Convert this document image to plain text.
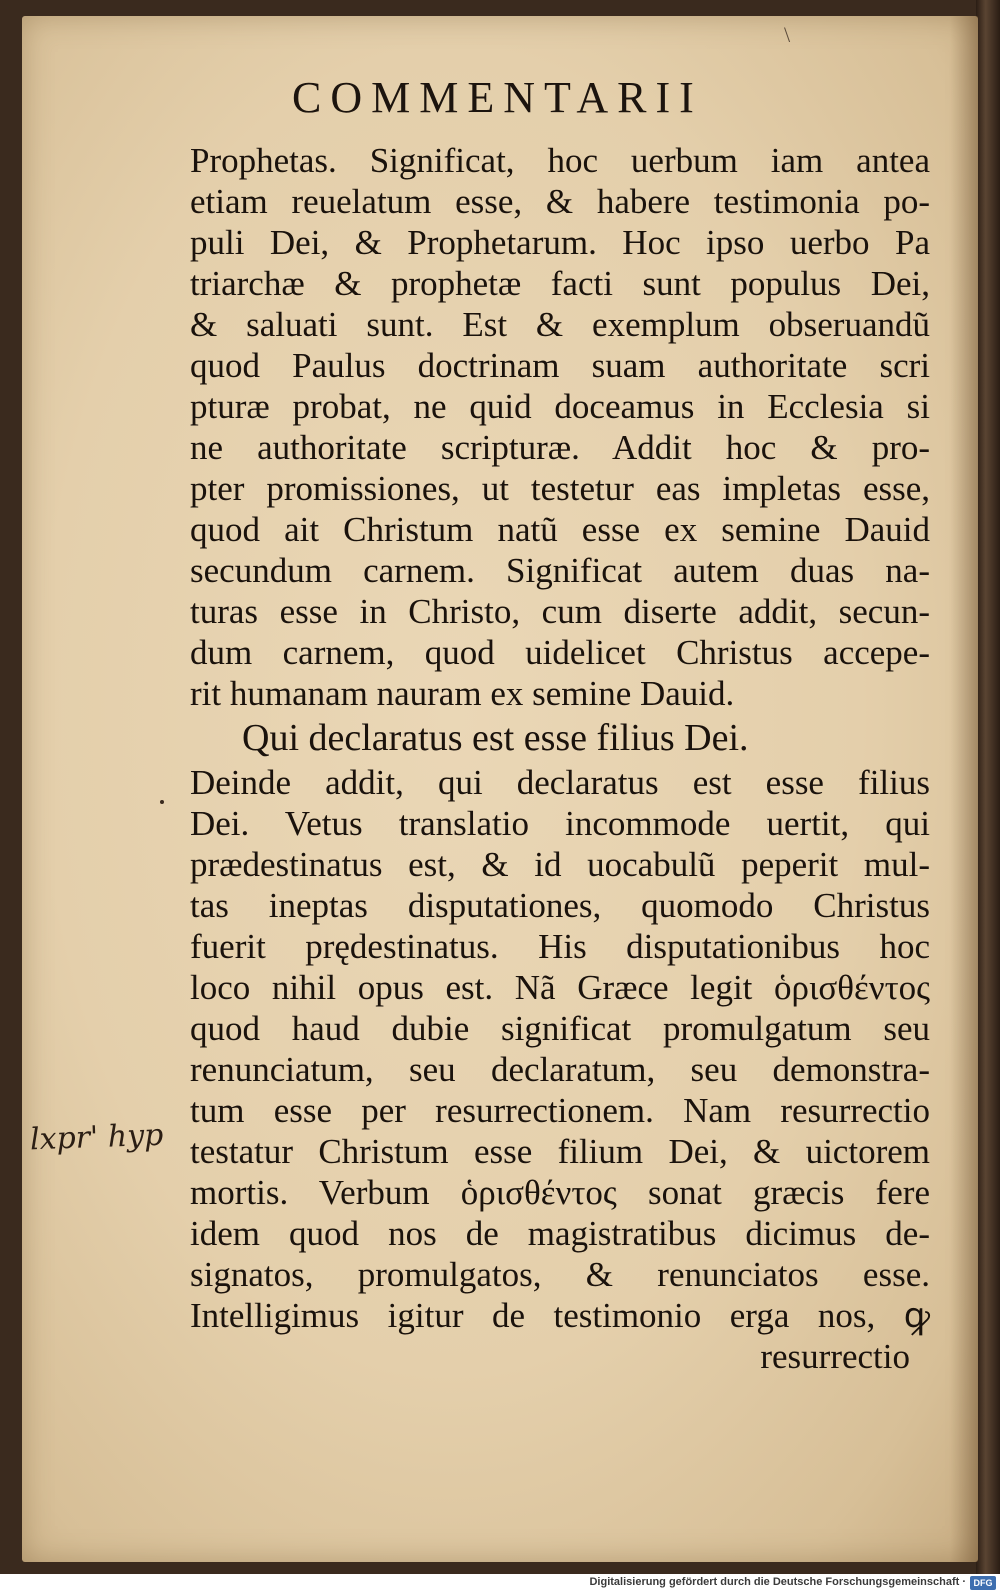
\
COMMENTARII
Prophetas. Significat, hoc uerbum iam antea
etiam reuelatum esse, & habere testimonia po-
puli Dei, & Prophetarum. Hoc ipso uerbo Pa
triarchæ & prophetæ facti sunt populus Dei,
& saluati sunt. Est & exemplum obseruandũ
quod Paulus doctrinam suam authoritate scri
pturæ probat, ne quid doceamus in Ecclesia si
ne authoritate scripturæ. Addit hoc & pro-
pter promissiones, ut testetur eas impletas esse,
quod ait Christum natũ esse ex semine Dauid
secundum carnem. Significat autem duas na-
turas esse in Christo, cum diserte addit, secun-
dum carnem, quod uidelicet Christus accepe-
rit humanam nauram ex semine Dauid.
Qui declaratus est esse filius Dei.
Deinde addit, qui declaratus est esse filius
Dei. Vetus translatio incommode uertit, qui
prædestinatus est, & id uocabulũ peperit mul-
tas ineptas disputationes, quomodo Christus
fuerit prędestinatus. His disputationibus hoc
loco nihil opus est. Nã Græce legit ὁρισθέντος
quod haud dubie significat promulgatum seu
renunciatum, seu declaratum, seu demonstra-
tum esse per resurrectionem. Nam resurrectio
testatur Christum esse filium Dei, & uictorem
mortis. Verbum ὁρισθέντος sonat græcis fere
idem quod nos de magistratibus dicimus de-
signatos, promulgatos, & renunciatos esse.
Intelligimus igitur de testimonio erga nos, ꝙ
resurrectio
lxpr' hyp
Digitalisierung gefördert durch die Deutsche Forschungsgemeinschaft · DFG
